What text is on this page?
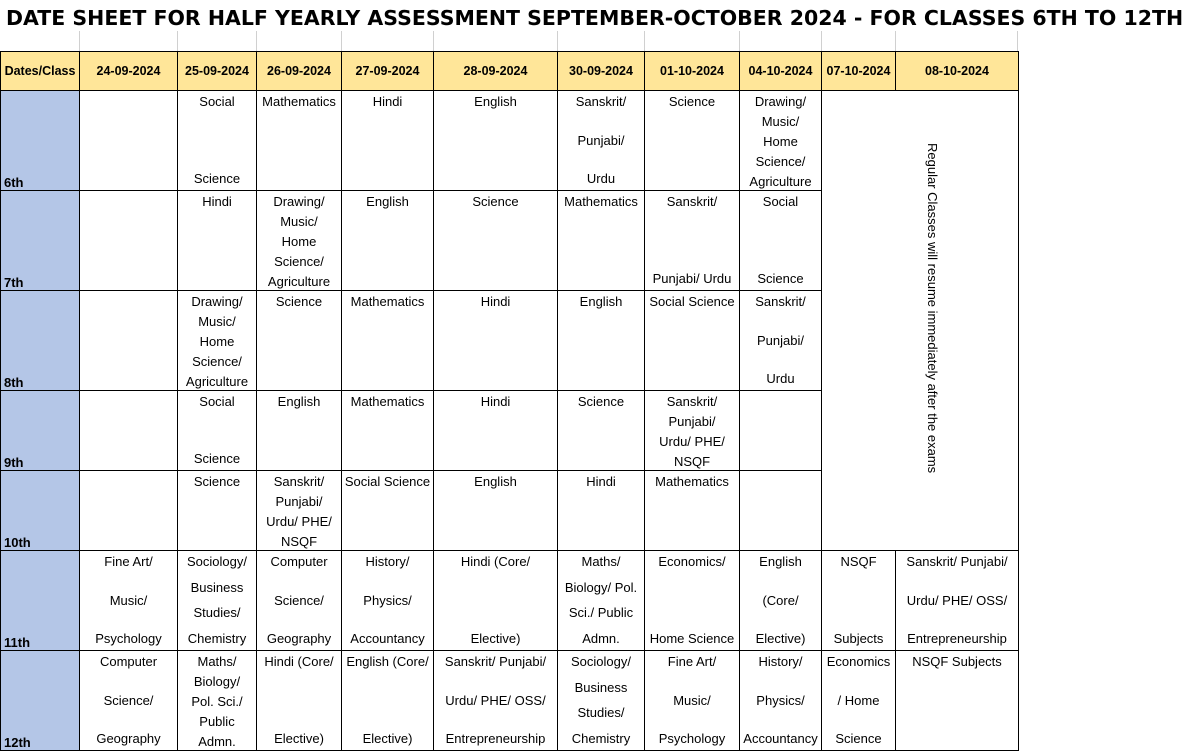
DATE SHEET FOR HALF YEARLY ASSESSMENT SEPTEMBER-OCTOBER 2024 - FOR CLASSES 6TH TO 12TH
Dates/Class	24-09-2024	25-09-2024	26-09-2024	27-09-2024	28-09-2024	30-09-2024	01-10-2024	04-10-2024	07-10-2024	08-10-2024
6th		Social
Science	Mathematics	Hindi	English	Sanskrit/
Punjabi/
Urdu	Science	Drawing/
Music/
Home
Science/
Agriculture	Regular Classes will resume immediately after the exams	

7th		Hindi	Drawing/
Music/
Home
Science/
Agriculture	English	Science	Mathematics	Sanskrit/
Punjabi/ Urdu	Social
Science		

8th		Drawing/
Music/
Home
Science/
Agriculture	Science	Mathematics	Hindi	English	Social Science	Sanskrit/
Punjabi/
Urdu		

9th		Social
Science	English	Mathematics	Hindi	Science	Sanskrit/
Punjabi/
Urdu/ PHE/
NSQF			

10th		Science	Sanskrit/
Punjabi/
Urdu/ PHE/
NSQF	Social Science	English	Hindi	Mathematics			

11th	Fine Art/
Music/
Psychology	Sociology/
Business
Studies/
Chemistry	Computer
Science/
Geography	History/
Physics/
Accountancy	Hindi (Core/
Elective)	Maths/
Biology/ Pol.
Sci./ Public
Admn.	Economics/
Home Science	English
(Core/
Elective)	NSQF
Subjects	Sanskrit/ Punjabi/
Urdu/ PHE/ OSS/
Entrepreneurship

12th	Computer
Science/
Geography	Maths/
Biology/
Pol. Sci./
Public
Admn.	Hindi (Core/
Elective)	English (Core/
Elective)	Sanskrit/ Punjabi/
Urdu/ PHE/ OSS/
Entrepreneurship	Sociology/
Business
Studies/
Chemistry	Fine Art/
Music/
Psychology	History/
Physics/
Accountancy	Economics
/ Home
Science	NSQF Subjects
